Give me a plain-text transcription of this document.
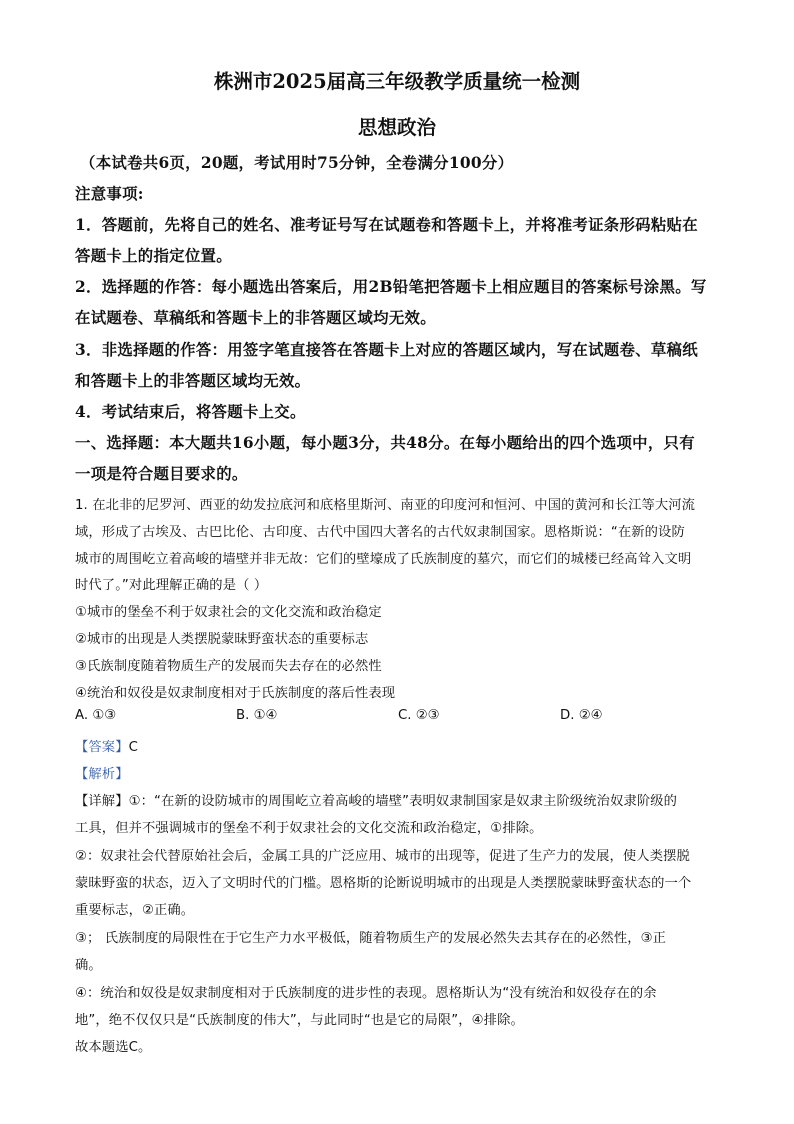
株洲市2025届高三年级教学质量统一检测
思想政治
（本试卷共6页，20题，考试用时75分钟，全卷满分100分）
注意事项:
1．答题前，先将自己的姓名、准考证号写在试题卷和答题卡上，并将准考证条形码粘贴在
答题卡上的指定位置。
2．选择题的作答：每小题选出答案后，用2B铅笔把答题卡上相应题目的答案标号涂黑。写
在试题卷、草稿纸和答题卡上的非答题区域均无效。
3．非选择题的作答：用签字笔直接答在答题卡上对应的答题区域内，写在试题卷、草稿纸
和答题卡上的非答题区域均无效。
4．考试结束后，将答题卡上交。
一、选择题：本大题共16小题，每小题3分，共48分。在每小题给出的四个选项中，只有
一项是符合题目要求的。
1. 在北非的尼罗河、西亚的幼发拉底河和底格里斯河、南亚的印度河和恒河、中国的黄河和长江等大河流
域，形成了古埃及、古巴比伦、古印度、古代中国四大著名的古代奴隶制国家。恩格斯说：“在新的设防
城市的周围屹立着高峻的墙壁并非无故：它们的壁壕成了氏族制度的墓穴，而它们的城楼已经高耸入文明
时代了。”对此理解正确的是（ ）
①城市的堡垒不利于奴隶社会的文化交流和政治稳定
②城市的出现是人类摆脱蒙昧野蛮状态的重要标志
③氏族制度随着物质生产的发展而失去存在的必然性
④统治和奴役是奴隶制度相对于氏族制度的落后性表现
A. ①③	B. ①④	C. ②③	D. ②④
【答案】C
【解析】
【详解】①：“在新的设防城市的周围屹立着高峻的墙壁”表明奴隶制国家是奴隶主阶级统治奴隶阶级的
工具，但并不强调城市的堡垒不利于奴隶社会的文化交流和政治稳定，①排除。
②：奴隶社会代替原始社会后，金属工具的广泛应用、城市的出现等，促进了生产力的发展，使人类摆脱
蒙昧野蛮的状态，迈入了文明时代的门槛。恩格斯的论断说明城市的出现是人类摆脱蒙昧野蛮状态的一个
重要标志，②正确。
③； 氏族制度的局限性在于它生产力水平极低，随着物质生产的发展必然失去其存在的必然性，③正
确。
④：统治和奴役是奴隶制度相对于氏族制度的进步性的表现。恩格斯认为“没有统治和奴役存在的余
地”，绝不仅仅只是“氏族制度的伟大”，与此同时“也是它的局限”，④排除。
故本题选C。
